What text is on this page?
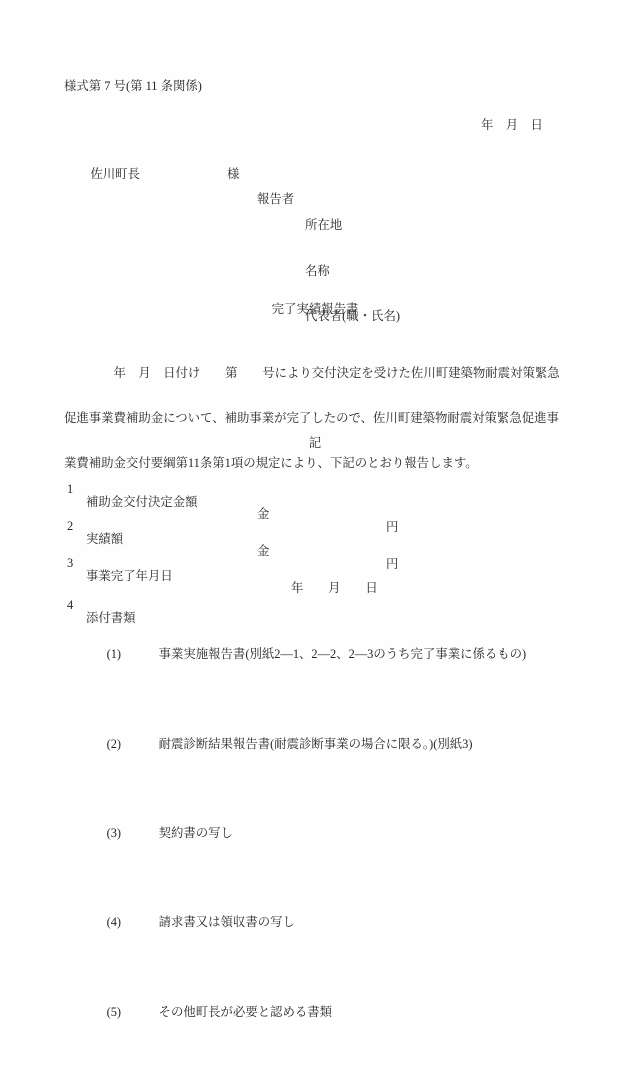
様式第 7 号(第 11 条関係)
年　月　日

佐川町長	様

報告者

所在地

名称

代表者(職・氏名)

完了実績報告書

　　　　年　月　日付け　　第　　号により交付決定を受けた佐川町建築物耐震対策緊急

促進事業費補助金について、補助事業が完了したので、佐川町建築物耐震対策緊急促進事

業費補助金交付要綱第11条第1項の規定により、下記のとおり報告します。

記

1

補助金交付決定金額

金

円

2

実績額

金

円

3

事業完了年月日

年　　月　　日

4

添付書類

(1)	事業実施報告書(別紙2―1、2―2、2―3のうち完了事業に係るもの)

(2)	耐震診断結果報告書(耐震診断事業の場合に限る。)(別紙3)

(3)	契約書の写し

(4)	請求書又は領収書の写し

(5)	その他町長が必要と認める書類
